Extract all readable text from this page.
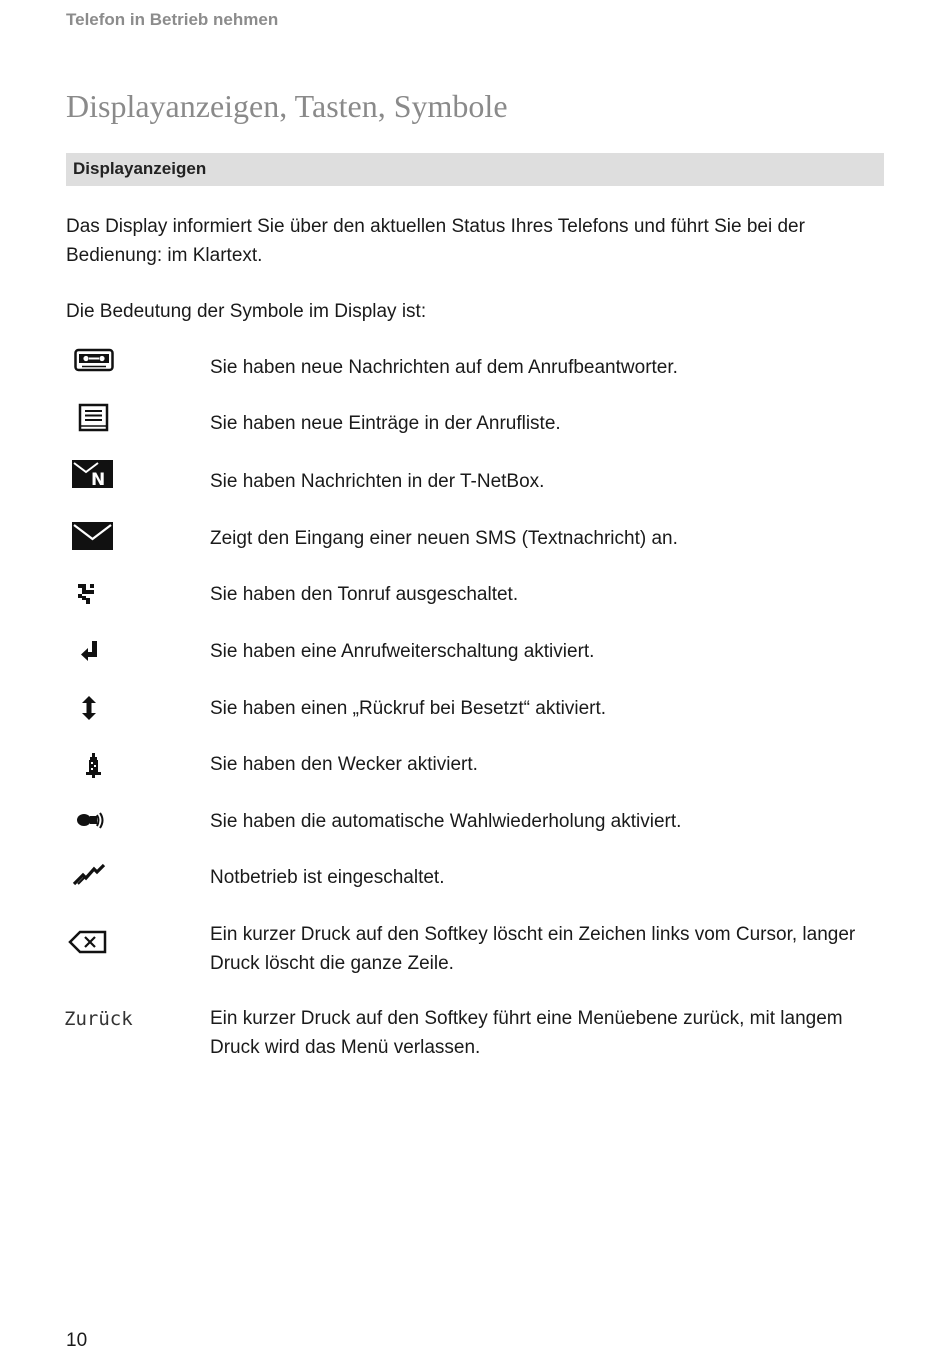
Telefon in Betrieb nehmen
Displayanzeigen, Tasten, Symbole
Displayanzeigen

Das Display informiert Sie über den aktuellen Status Ihres Telefons und führt Sie bei der Bedienung: im Klartext.

Die Bedeutung der Symbole im Display ist:

Sie haben neue Nachrichten auf dem Anrufbeantworter.
Sie haben neue Einträge in der Anrufliste.
N	Sie haben Nachrichten in der T-NetBox.
Zeigt den Eingang einer neuen SMS (Textnachricht) an.
Sie haben den Tonruf ausgeschaltet.
Sie haben eine Anrufweiterschaltung aktiviert.
Sie haben einen „Rückruf bei Besetzt“ aktiviert.
Sie haben den Wecker aktiviert.
Sie haben die automatische Wahlwiederholung aktiviert.
Notbetrieb ist eingeschaltet.
Ein kurzer Druck auf den Softkey löscht ein Zeichen links vom Cursor, langer Druck löscht die ganze Zeile.
Zurück	Ein kurzer Druck auf den Softkey führt eine Menüebene zurück, mit langem Druck wird das Menü verlassen.
10
